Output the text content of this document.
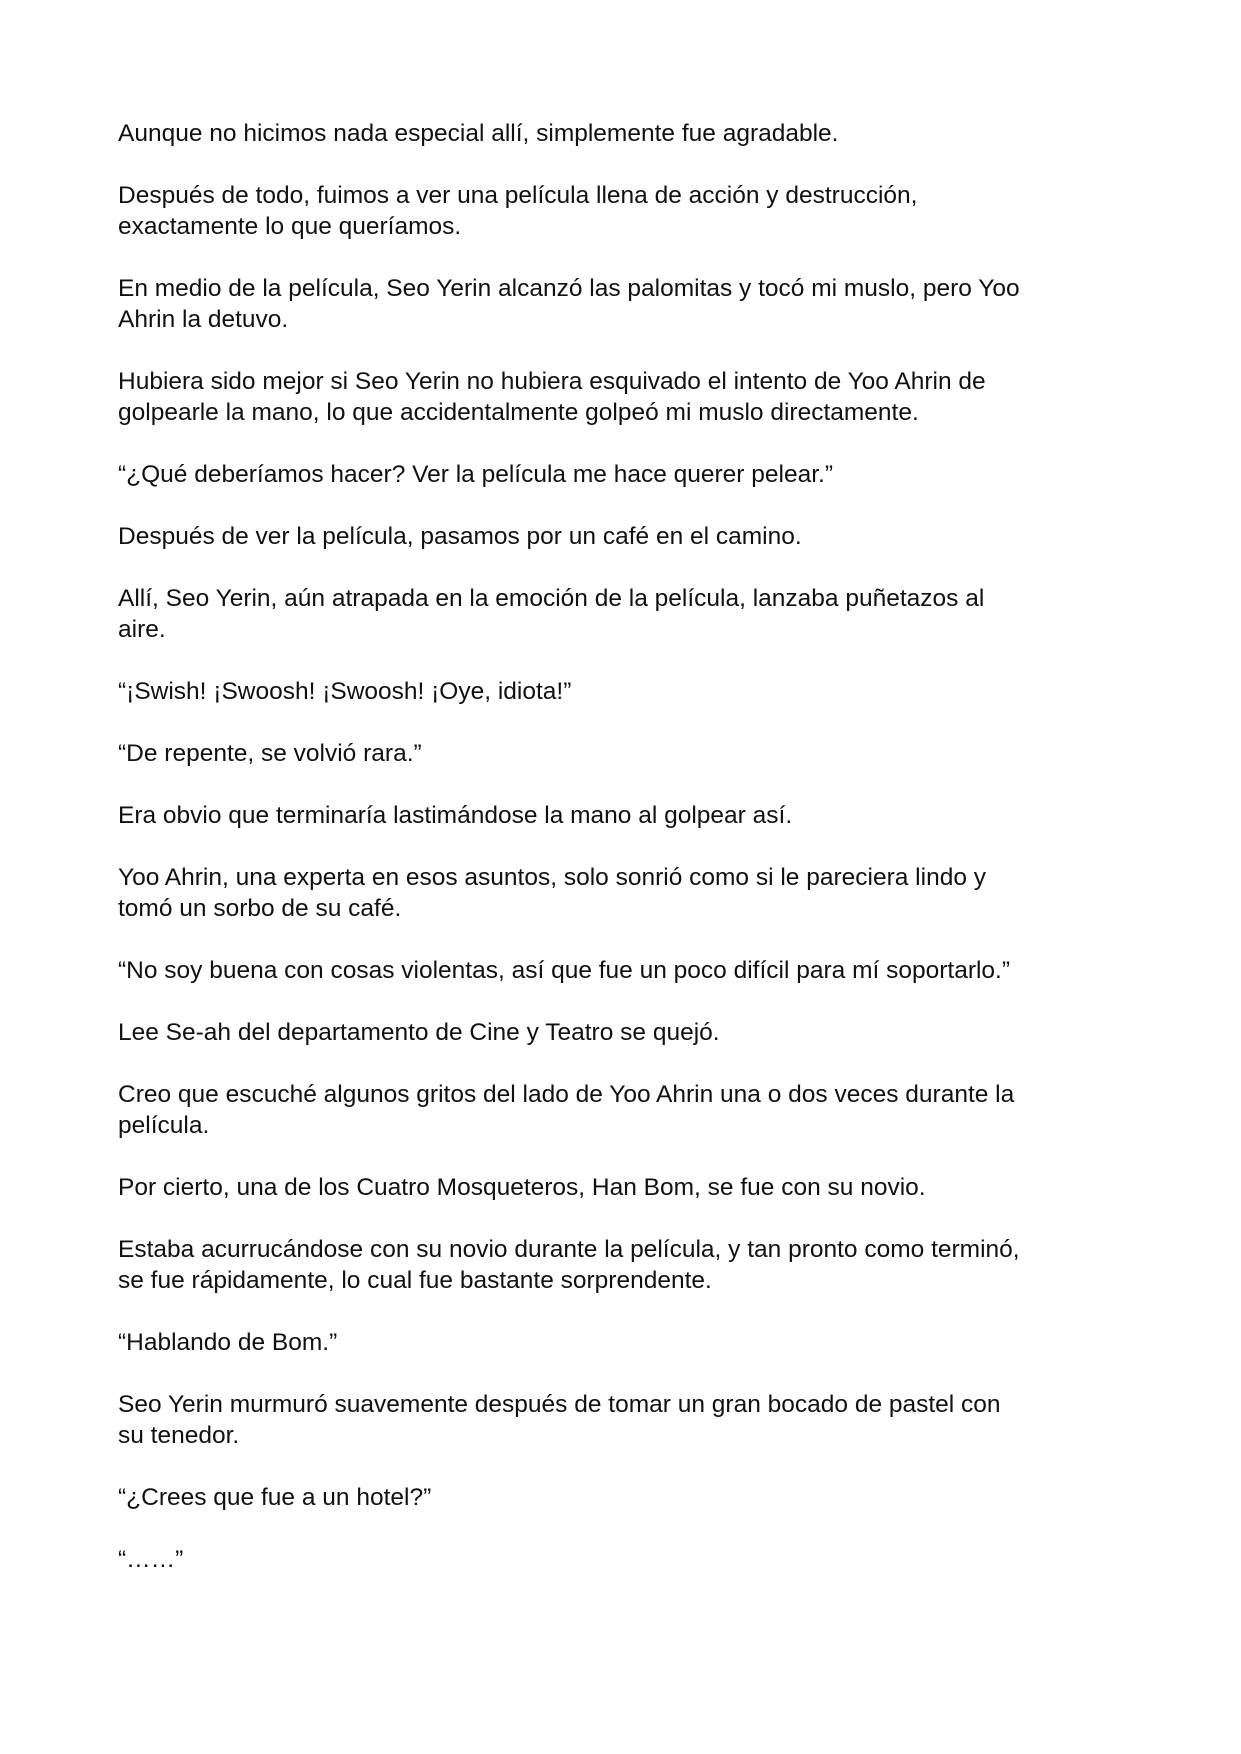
Aunque no hicimos nada especial allí, simplemente fue agradable.

Después de todo, fuimos a ver una película llena de acción y destrucción,
exactamente lo que queríamos.

En medio de la película, Seo Yerin alcanzó las palomitas y tocó mi muslo, pero Yoo
Ahrin la detuvo.

Hubiera sido mejor si Seo Yerin no hubiera esquivado el intento de Yoo Ahrin de
golpearle la mano, lo que accidentalmente golpeó mi muslo directamente.

“¿Qué deberíamos hacer? Ver la película me hace querer pelear.”

Después de ver la película, pasamos por un café en el camino.

Allí, Seo Yerin, aún atrapada en la emoción de la película, lanzaba puñetazos al
aire.

“¡Swish! ¡Swoosh! ¡Swoosh! ¡Oye, idiota!”

“De repente, se volvió rara.”

Era obvio que terminaría lastimándose la mano al golpear así.

Yoo Ahrin, una experta en esos asuntos, solo sonrió como si le pareciera lindo y
tomó un sorbo de su café.

“No soy buena con cosas violentas, así que fue un poco difícil para mí soportarlo.”

Lee Se-ah del departamento de Cine y Teatro se quejó.

Creo que escuché algunos gritos del lado de Yoo Ahrin una o dos veces durante la
película.

Por cierto, una de los Cuatro Mosqueteros, Han Bom, se fue con su novio.

Estaba acurrucándose con su novio durante la película, y tan pronto como terminó,
se fue rápidamente, lo cual fue bastante sorprendente.

“Hablando de Bom.”

Seo Yerin murmuró suavemente después de tomar un gran bocado de pastel con
su tenedor.

“¿Crees que fue a un hotel?”

“……”
